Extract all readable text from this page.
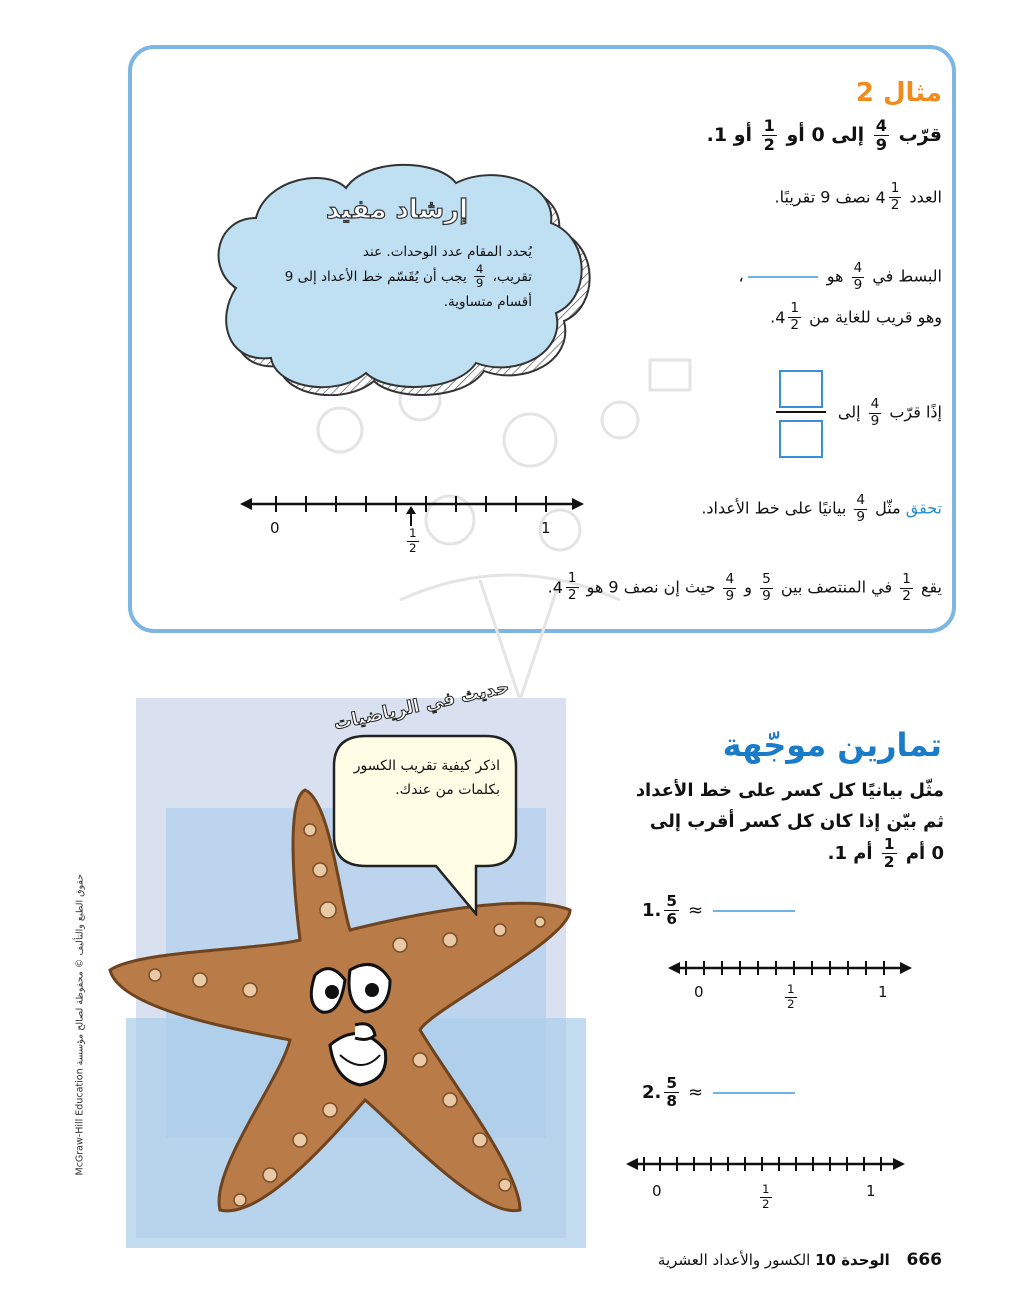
مثال 2
قرّب
$\frac{4}{9}$
إلى 0 أو
$\frac{1}{2}$
أو 1.
العدد
$4 \frac{1}{2}$
نصف 9 تقريبًا.
البسط في
$\frac{4}{9}$
هو ،
وهو قريب للغاية من
$4 \frac{1}{2}$
.
إذًا قرّب
$\frac{4}{9}$
إلى
تحقق مثّل
$\frac{4}{9}$
بيانيًا على خط الأعداد.
يقع
$\frac{1}{2}$
في المنتصف بين
$\frac{5}{9}$
و
$\frac{4}{9}$
حيث إن نصف 9 هو
$4 \frac{1}{2}$
.
0	1
$\frac{1}{2}$
إرشاد مفيد
يُحدد المقام عدد الوحدات. عند
تقريب،
$\frac{4}{9}$
يجب أن يُقَسّم خط الأعداد إلى 9
أقسام متساوية.
حديث في الرياضيات
اذكر كيفية تقريب الكسور بكلمات من عندك.
McGraw-Hill Education حقوق الطبع والتأليف © محفوظة لصالح مؤسسة
تمارين موجّهة
مثّل بيانيًا كل كسر على خط الأعداد
ثم بيّن إذا كان كل كسر أقرب إلى
0 أم
$\frac{1}{2}$
أم 1.
1. $\frac{5}{6}$ ≈
0	1
$\frac{1}{2}$
2. $\frac{5}{8}$ ≈
0	1
$\frac{1}{2}$
666 الوحدة 10 الكسور والأعداد العشرية
